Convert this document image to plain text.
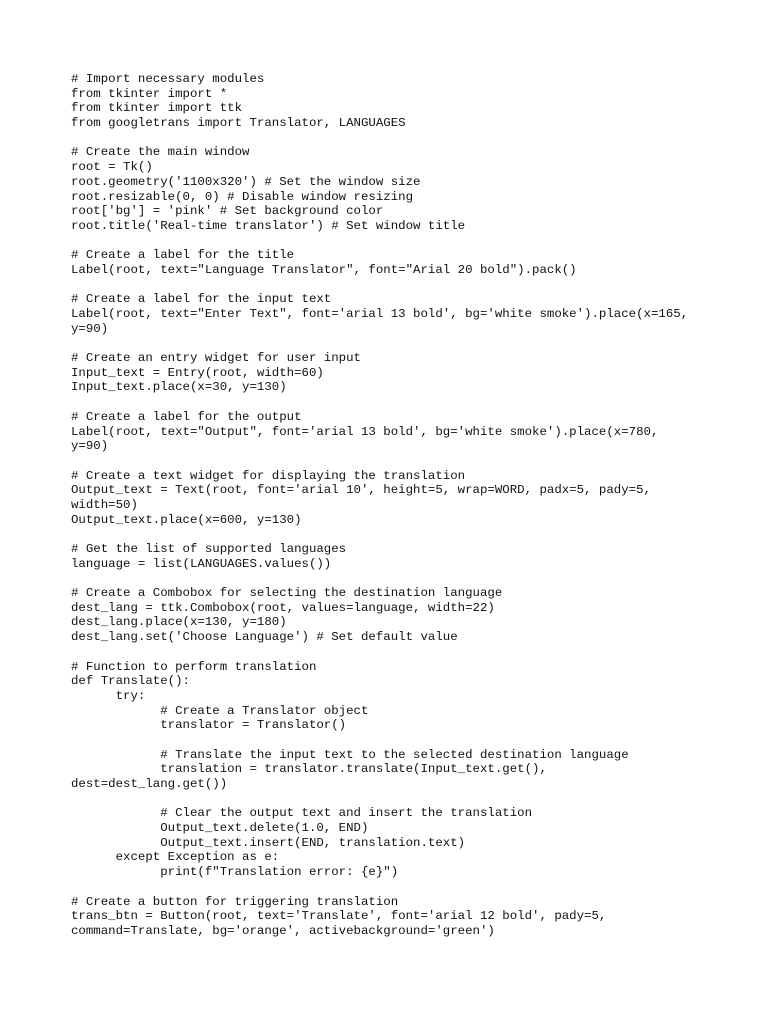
# Import necessary modules
from tkinter import *
from tkinter import ttk
from googletrans import Translator, LANGUAGES
# Create the main window
root = Tk()
root.geometry('1100x320') # Set the window size
root.resizable(0, 0) # Disable window resizing
root['bg'] = 'pink' # Set background color
root.title('Real-time translator') # Set window title
# Create a label for the title
Label(root, text="Language Translator", font="Arial 20 bold").pack()
# Create a label for the input text
Label(root, text="Enter Text", font='arial 13 bold', bg='white smoke').place(x=165,
y=90)
# Create an entry widget for user input
Input_text = Entry(root, width=60)
Input_text.place(x=30, y=130)
# Create a label for the output
Label(root, text="Output", font='arial 13 bold', bg='white smoke').place(x=780,
y=90)
# Create a text widget for displaying the translation
Output_text = Text(root, font='arial 10', height=5, wrap=WORD, padx=5, pady=5,
width=50)
Output_text.place(x=600, y=130)
# Get the list of supported languages
language = list(LANGUAGES.values())
# Create a Combobox for selecting the destination language
dest_lang = ttk.Combobox(root, values=language, width=22)
dest_lang.place(x=130, y=180)
dest_lang.set('Choose Language') # Set default value
# Function to perform translation
def Translate():
try:
# Create a Translator object
translator = Translator()
# Translate the input text to the selected destination language
translation = translator.translate(Input_text.get(),
dest=dest_lang.get())
# Clear the output text and insert the translation
Output_text.delete(1.0, END)
Output_text.insert(END, translation.text)
except Exception as e:
print(f"Translation error: {e}")
# Create a button for triggering translation
trans_btn = Button(root, text='Translate', font='arial 12 bold', pady=5,
command=Translate, bg='orange', activebackground='green')
